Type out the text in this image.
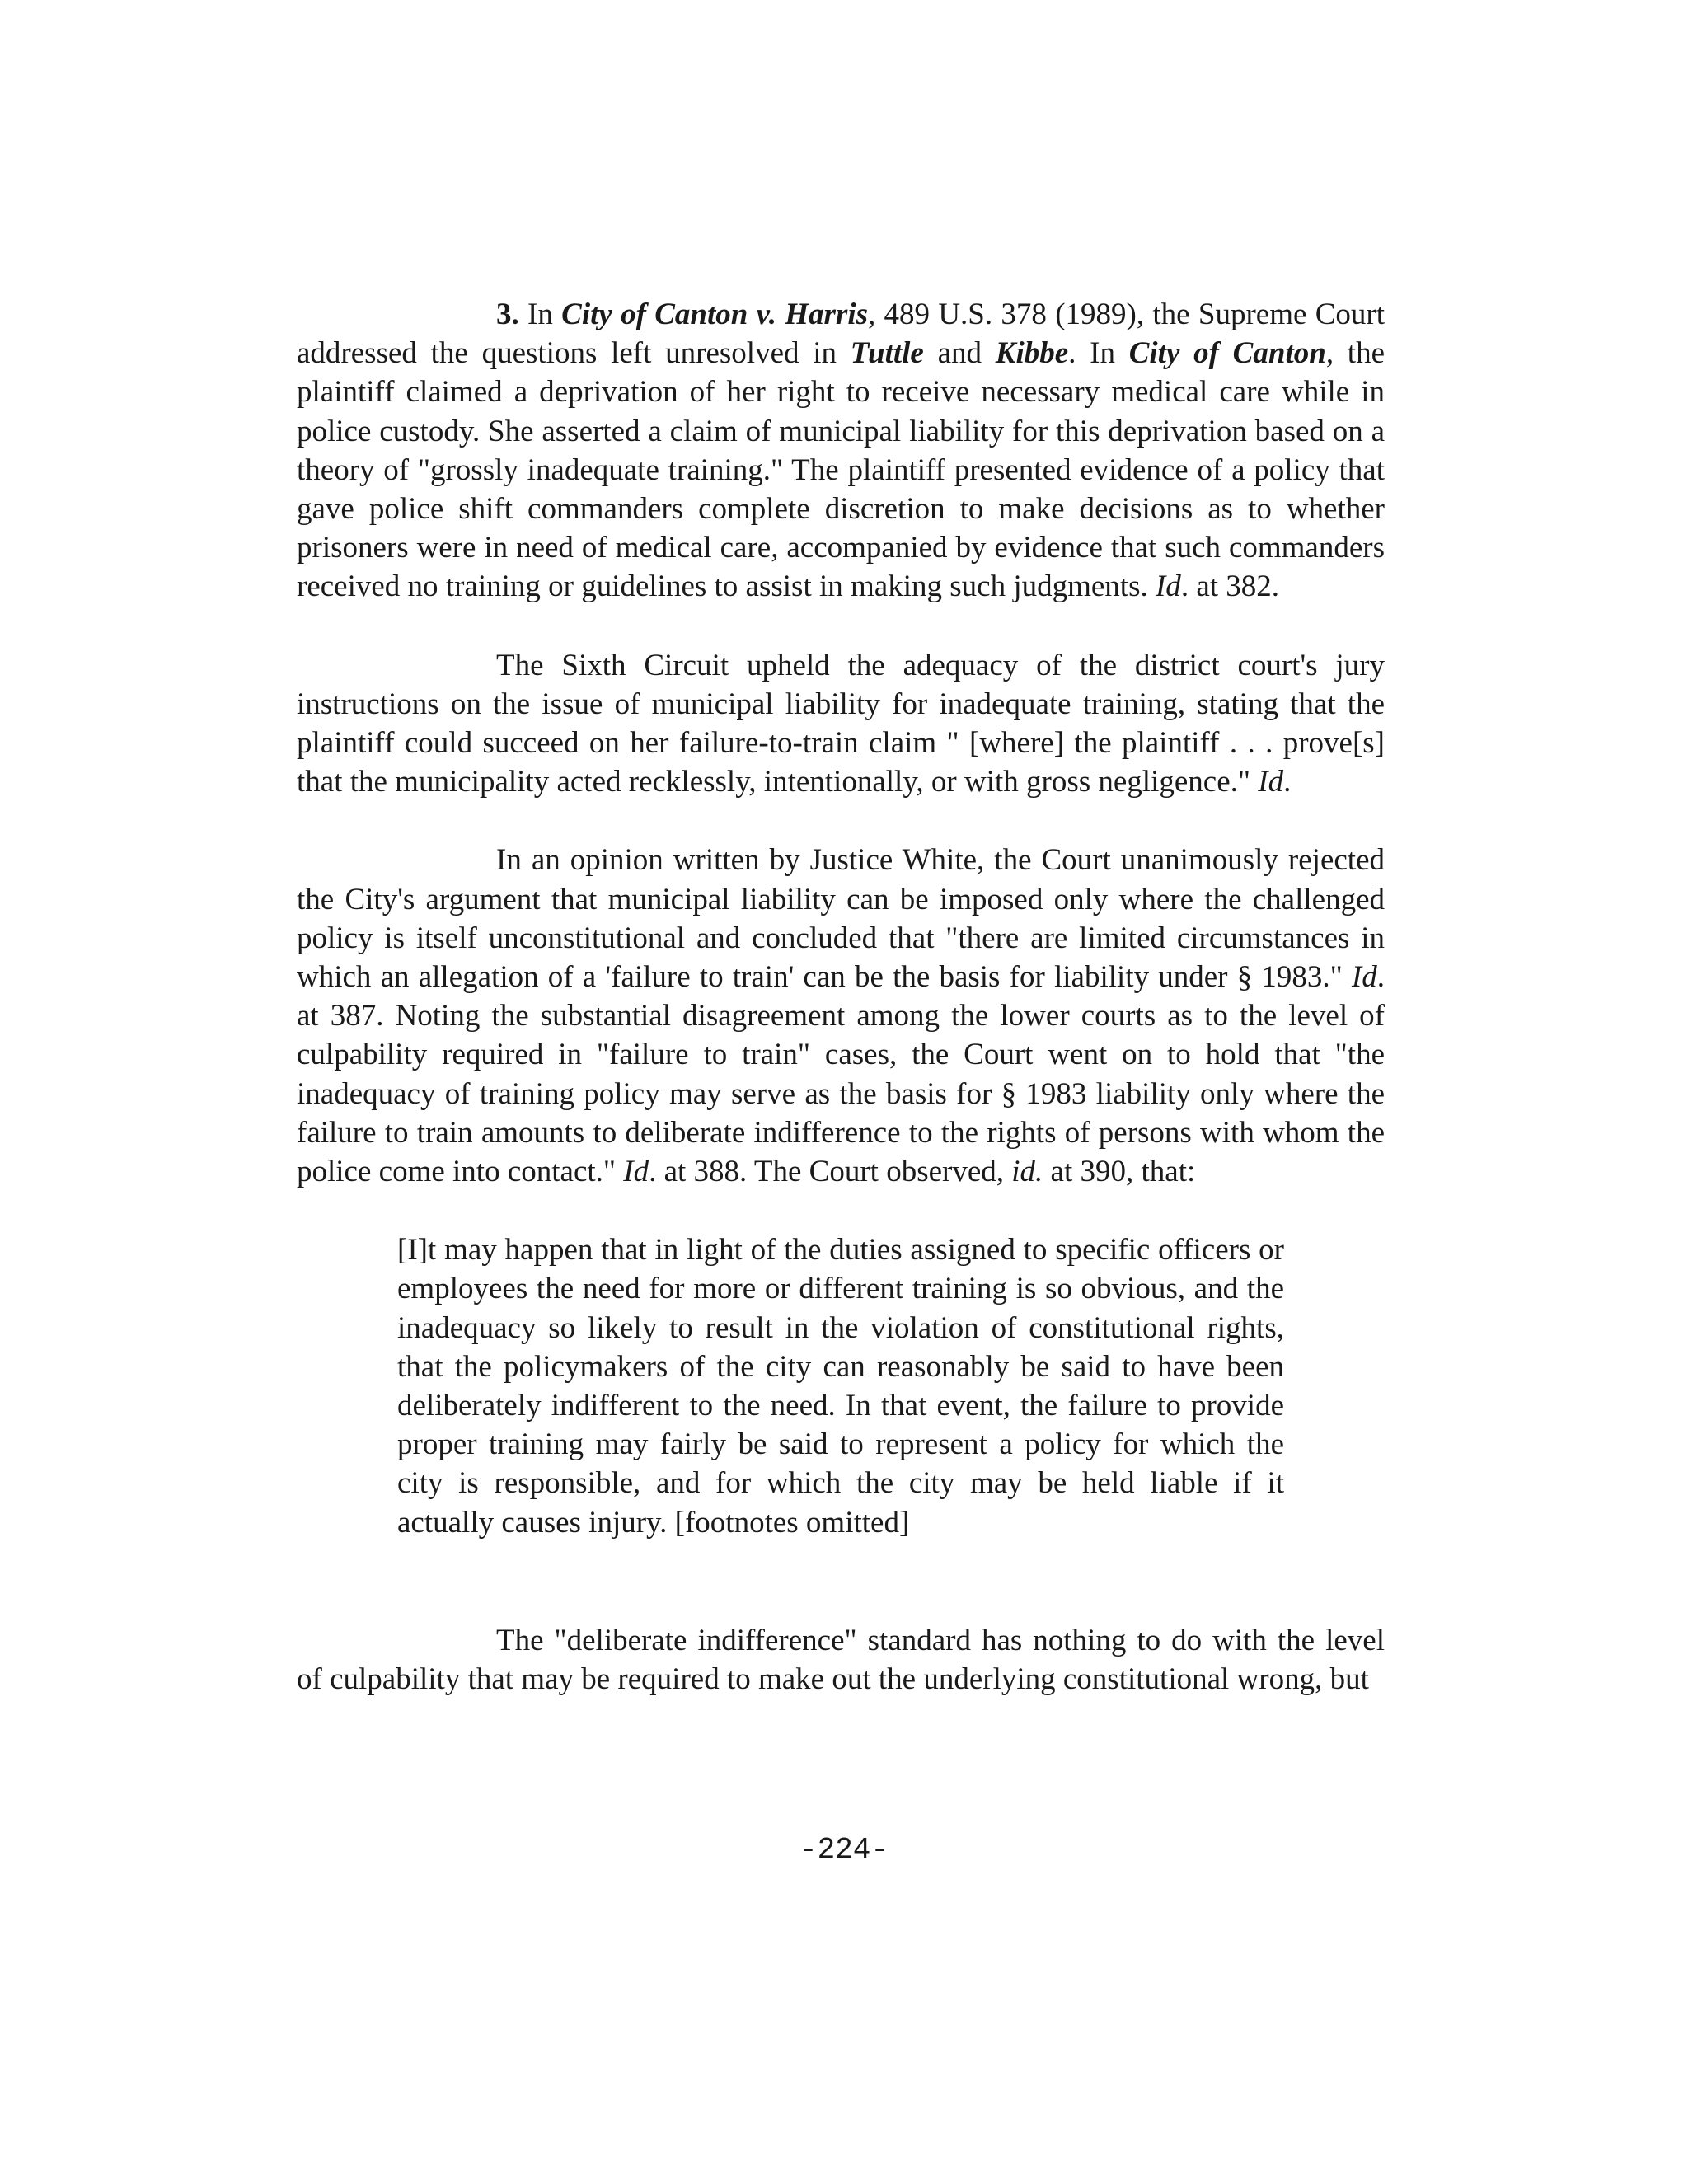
3. In City of Canton v. Harris, 489 U.S. 378 (1989), the Supreme Court addressed the questions left unresolved in Tuttle and Kibbe. In City of Canton, the plaintiff claimed a deprivation of her right to receive necessary medical care while in police custody. She asserted a claim of municipal liability for this deprivation based on a theory of "grossly inadequate training." The plaintiff presented evidence of a policy that gave police shift commanders complete discretion to make decisions as to whether prisoners were in need of medical care, accompanied by evidence that such commanders received no training or guidelines to assist in making such judgments. Id. at 382.

The Sixth Circuit upheld the adequacy of the district court's jury instructions on the issue of municipal liability for inadequate training, stating that the plaintiff could succeed on her failure-to-train claim " [where] the plaintiff . . . prove[s] that the municipality acted recklessly, intentionally, or with gross negligence." Id.

In an opinion written by Justice White, the Court unanimously rejected the City's argument that municipal liability can be imposed only where the challenged policy is itself unconstitutional and concluded that "there are limited circumstances in which an allegation of a 'failure to train' can be the basis for liability under § 1983." Id. at 387. Noting the substantial disagreement among the lower courts as to the level of culpability required in "failure to train" cases, the Court went on to hold that "the inadequacy of training policy may serve as the basis for § 1983 liability only where the failure to train amounts to deliberate indifference to the rights of persons with whom the police come into contact." Id. at 388. The Court observed, id. at 390, that:

[I]t may happen that in light of the duties assigned to specific officers or employees the need for more or different training is so obvious, and the inadequacy so likely to result in the violation of constitutional rights, that the policymakers of the city can reasonably be said to have been deliberately indifferent to the need. In that event, the failure to provide proper training may fairly be said to represent a policy for which the city is responsible, and for which the city may be held liable if it actually causes injury. [footnotes omitted]

The "deliberate indifference" standard has nothing to do with the level of culpability that may be required to make out the underlying constitutional wrong, but

-224-
